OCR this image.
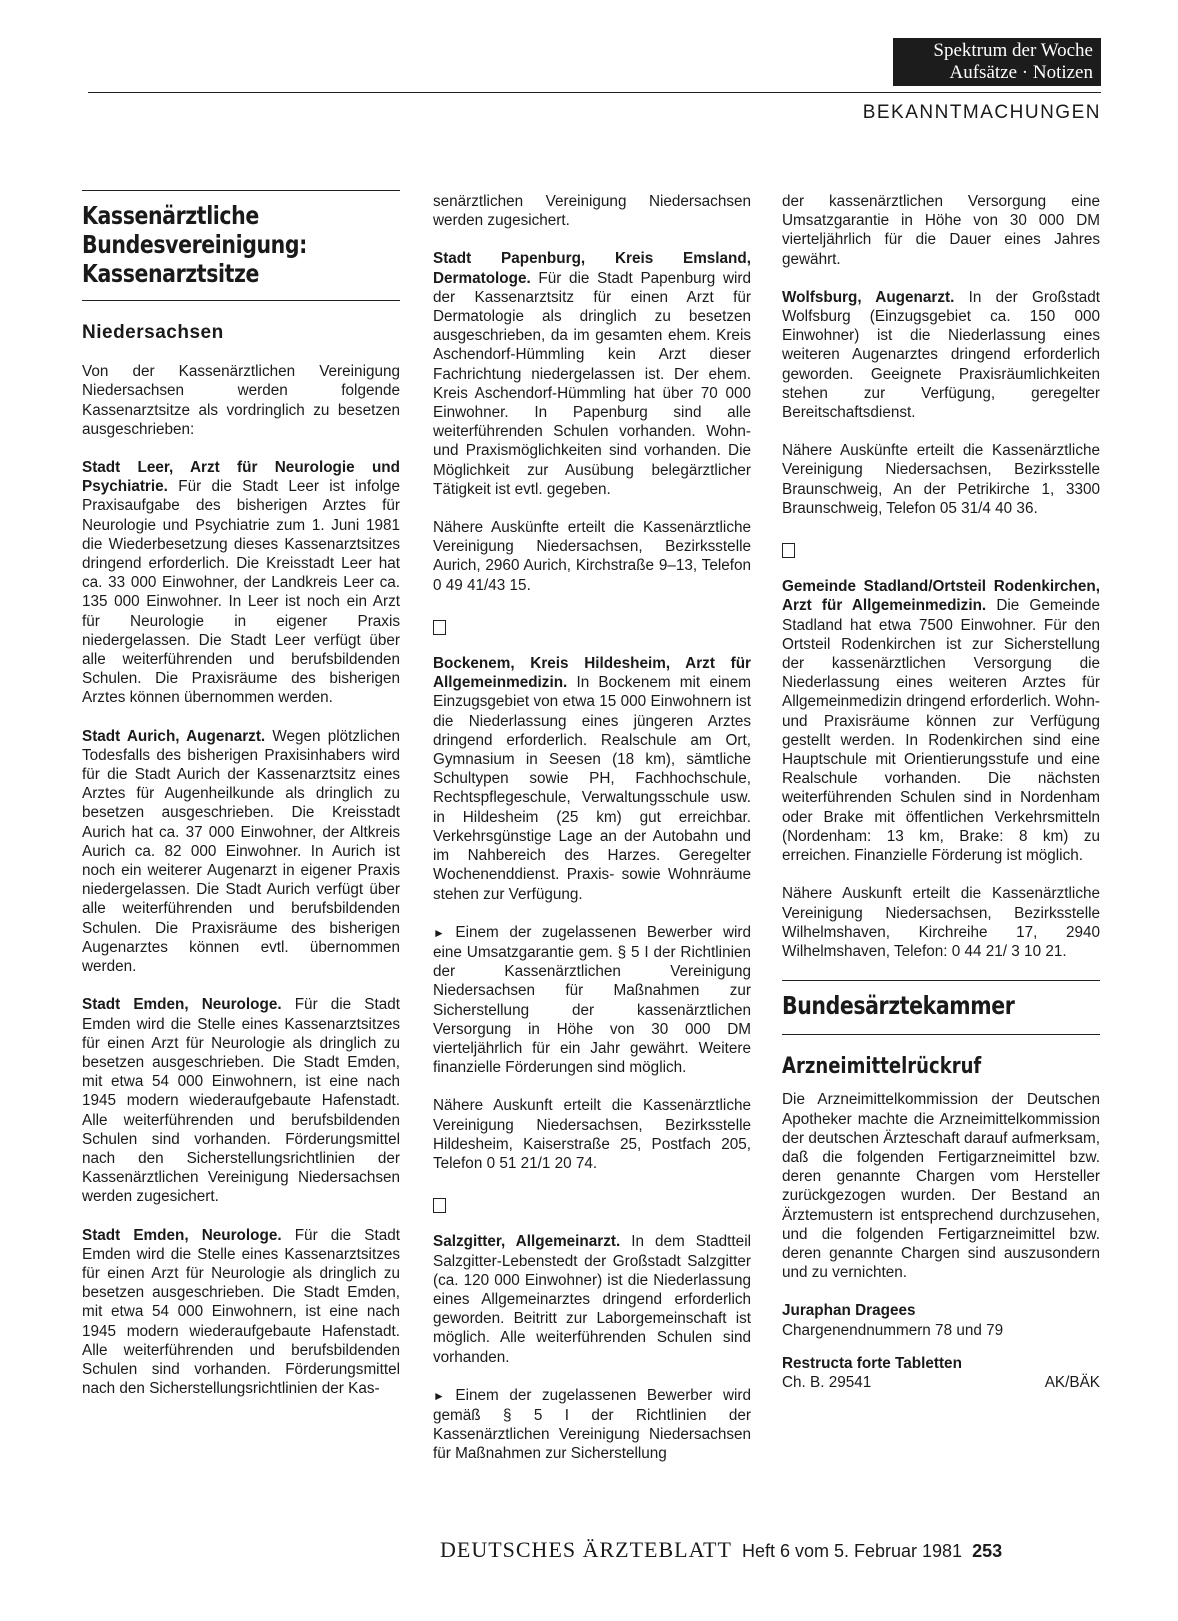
Spektrum der Woche
Aufsätze · Notizen
BEKANNTMACHUNGEN
Kassenärztliche
Bundesvereinigung:
Kassenarztsitze
Niedersachsen

Von der Kassenärztlichen Vereinigung Niedersachsen werden folgende Kassenarztsitze als vordringlich zu besetzen ausgeschrieben:

Stadt Leer, Arzt für Neurologie und Psychiatrie. Für die Stadt Leer ist infolge Praxisaufgabe des bisherigen Arztes für Neurologie und Psychiatrie zum 1. Juni 1981 die Wiederbesetzung dieses Kassenarztsitzes dringend erforderlich. Die Kreisstadt Leer hat ca. 33 000 Einwohner, der Landkreis Leer ca. 135 000 Einwohner. In Leer ist noch ein Arzt für Neurologie in eigener Praxis niedergelassen. Die Stadt Leer verfügt über alle weiterführenden und berufsbildenden Schulen. Die Praxisräume des bisherigen Arztes können übernommen werden.

Stadt Aurich, Augenarzt. Wegen plötzlichen Todesfalls des bisherigen Praxisinhabers wird für die Stadt Aurich der Kassenarztsitz eines Arztes für Augenheilkunde als dringlich zu besetzen ausgeschrieben. Die Kreisstadt Aurich hat ca. 37 000 Einwohner, der Altkreis Aurich ca. 82 000 Einwohner. In Aurich ist noch ein weiterer Augenarzt in eigener Praxis niedergelassen. Die Stadt Aurich verfügt über alle weiterführenden und berufsbildenden Schulen. Die Praxisräume des bisherigen Augenarztes können evtl. übernommen werden.

Stadt Emden, Neurologe. Für die Stadt Emden wird die Stelle eines Kassenarztsitzes für einen Arzt für Neurologie als dringlich zu besetzen ausgeschrieben. Die Stadt Emden, mit etwa 54 000 Einwohnern, ist eine nach 1945 modern wiederaufgebaute Hafenstadt. Alle weiterführenden und berufsbildenden Schulen sind vorhanden. Förderungsmittel nach den Sicherstellungsrichtlinien der Kassenärztlichen Vereinigung Niedersachsen werden zugesichert.

Stadt Emden, Neurologe. Für die Stadt Emden wird die Stelle eines Kassenarztsitzes für einen Arzt für Neurologie als dringlich zu besetzen ausgeschrieben. Die Stadt Emden, mit etwa 54 000 Einwohnern, ist eine nach 1945 modern wiederaufgebaute Hafenstadt. Alle weiterführenden und berufsbildenden Schulen sind vorhanden. Förderungsmittel nach den Sicherstellungsrichtlinien der Kas-

senärztlichen Vereinigung Niedersachsen werden zugesichert.

Stadt Papenburg, Kreis Emsland, Dermatologe. Für die Stadt Papenburg wird der Kassenarztsitz für einen Arzt für Dermatologie als dringlich zu besetzen ausgeschrieben, da im gesamten ehem. Kreis Aschendorf-Hümmling kein Arzt dieser Fachrichtung niedergelassen ist. Der ehem. Kreis Aschendorf-Hümmling hat über 70 000 Einwohner. In Papenburg sind alle weiterführenden Schulen vorhanden. Wohn- und Praxismöglichkeiten sind vorhanden. Die Möglichkeit zur Ausübung belegärztlicher Tätigkeit ist evtl. gegeben.

Nähere Auskünfte erteilt die Kassenärztliche Vereinigung Niedersachsen, Bezirksstelle Aurich, 2960 Aurich, Kirchstraße 9–13, Telefon 0 49 41/43 15.

Bockenem, Kreis Hildesheim, Arzt für Allgemeinmedizin. In Bockenem mit einem Einzugsgebiet von etwa 15 000 Einwohnern ist die Niederlassung eines jüngeren Arztes dringend erforderlich. Realschule am Ort, Gymnasium in Seesen (18 km), sämtliche Schultypen sowie PH, Fachhochschule, Rechtspflegeschule, Verwaltungsschule usw. in Hildesheim (25 km) gut erreichbar. Verkehrsgünstige Lage an der Autobahn und im Nahbereich des Harzes. Geregelter Wochenenddienst. Praxis- sowie Wohnräume stehen zur Verfügung.

► Einem der zugelassenen Bewerber wird eine Umsatzgarantie gem. § 5 I der Richtlinien der Kassenärztlichen Vereinigung Niedersachsen für Maßnahmen zur Sicherstellung der kassenärztlichen Versorgung in Höhe von 30 000 DM vierteljährlich für ein Jahr gewährt. Weitere finanzielle Förderungen sind möglich.

Nähere Auskunft erteilt die Kassenärztliche Vereinigung Niedersachsen, Bezirksstelle Hildesheim, Kaiserstraße 25, Postfach 205, Telefon 0 51 21/1 20 74.

Salzgitter, Allgemeinarzt. In dem Stadtteil Salzgitter-Lebenstedt der Großstadt Salzgitter (ca. 120 000 Einwohner) ist die Niederlassung eines Allgemeinarztes dringend erforderlich geworden. Beitritt zur Laborgemeinschaft ist möglich. Alle weiterführenden Schulen sind vorhanden.

► Einem der zugelassenen Bewerber wird gemäß § 5 I der Richtlinien der Kassenärztlichen Vereinigung Niedersachsen für Maßnahmen zur Sicherstellung

der kassenärztlichen Versorgung eine Umsatzgarantie in Höhe von 30 000 DM vierteljährlich für die Dauer eines Jahres gewährt.

Wolfsburg, Augenarzt. In der Großstadt Wolfsburg (Einzugsgebiet ca. 150 000 Einwohner) ist die Niederlassung eines weiteren Augenarztes dringend erforderlich geworden. Geeignete Praxisräumlichkeiten stehen zur Verfügung, geregelter Bereitschaftsdienst.

Nähere Auskünfte erteilt die Kassenärztliche Vereinigung Niedersachsen, Bezirksstelle Braunschweig, An der Petrikirche 1, 3300 Braunschweig, Telefon 05 31/4 40 36.

Gemeinde Stadland/Ortsteil Rodenkirchen, Arzt für Allgemeinmedizin. Die Gemeinde Stadland hat etwa 7500 Einwohner. Für den Ortsteil Rodenkirchen ist zur Sicherstellung der kassenärztlichen Versorgung die Niederlassung eines weiteren Arztes für Allgemeinmedizin dringend erforderlich. Wohn- und Praxisräume können zur Verfügung gestellt werden. In Rodenkirchen sind eine Hauptschule mit Orientierungsstufe und eine Realschule vorhanden. Die nächsten weiterführenden Schulen sind in Nordenham oder Brake mit öffentlichen Verkehrsmitteln (Nordenham: 13 km, Brake: 8 km) zu erreichen. Finanzielle Förderung ist möglich.

Nähere Auskunft erteilt die Kassenärztliche Vereinigung Niedersachsen, Bezirksstelle Wilhelmshaven, Kirchreihe 17, 2940 Wilhelmshaven, Telefon: 0 44 21/ 3 10 21.

Bundesärztekammer
Arzneimittelrückruf

Die Arzneimittelkommission der Deutschen Apotheker machte die Arzneimittelkommission der deutschen Ärzteschaft darauf aufmerksam, daß die folgenden Fertigarzneimittel bzw. deren genannte Chargen vom Hersteller zurückgezogen wurden. Der Bestand an Ärztemustern ist entsprechend durchzusehen, und die folgenden Fertigarzneimittel bzw. deren genannte Chargen sind auszusondern und zu vernichten.

Juraphan Dragees
Chargenendnummern 78 und 79
Restructa forte Tabletten
Ch. B. 29541	AK/BÄK
DEUTSCHES ÄRZTEBLATT Heft 6 vom 5. Februar 1981 253
